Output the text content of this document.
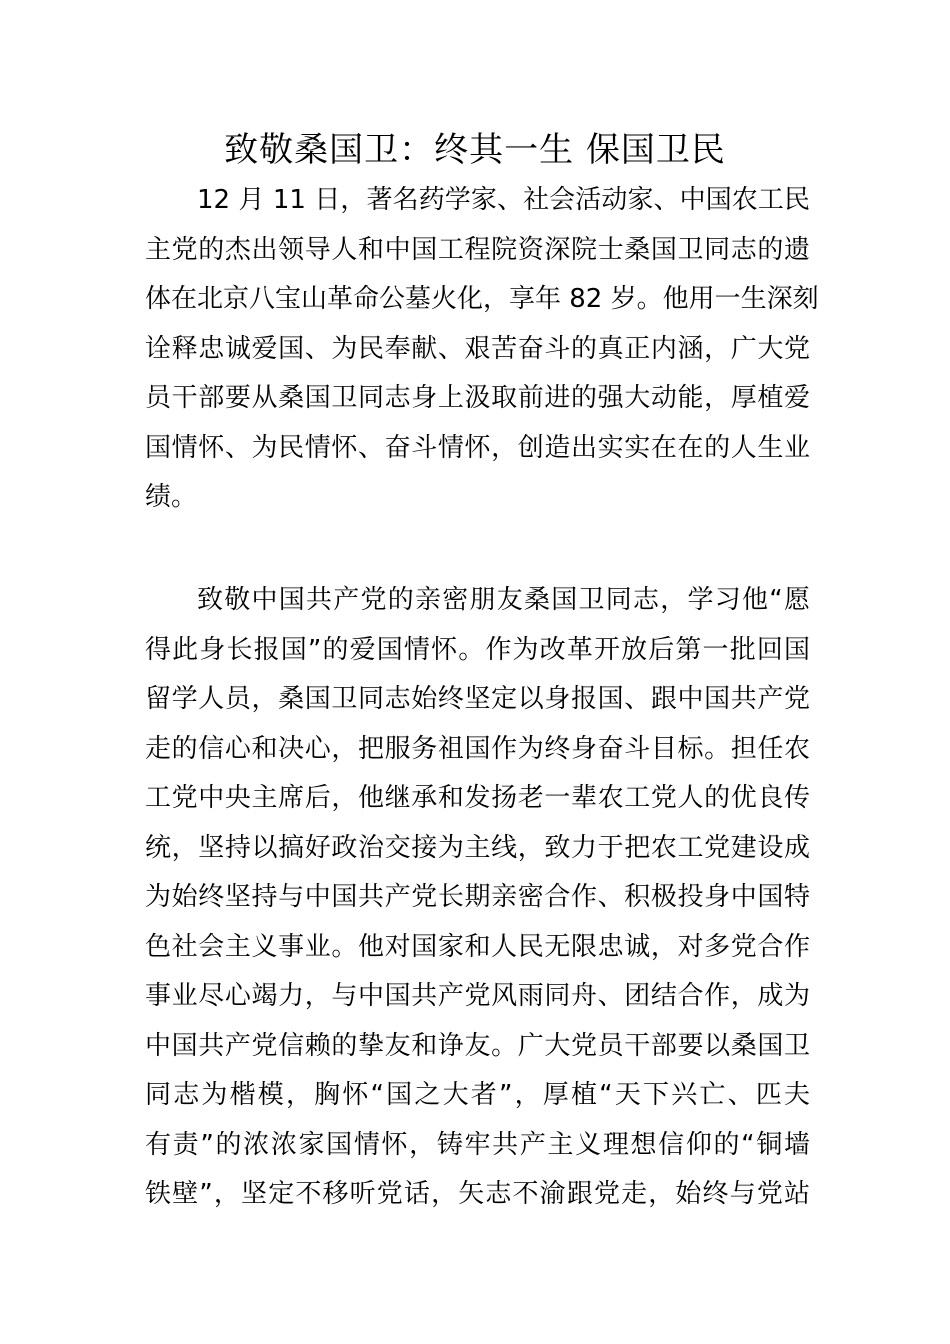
致敬桑国卫：终其一生 保国卫民
12 月 11 日，著名药学家、社会活动家、中国农工民
主党的杰出领导人和中国工程院资深院士桑国卫同志的遗
体在北京八宝山革命公墓火化，享年 82 岁。他用一生深刻
诠释忠诚爱国、为民奉献、艰苦奋斗的真正内涵，广大党
员干部要从桑国卫同志身上汲取前进的强大动能，厚植爱
国情怀、为民情怀、奋斗情怀，创造出实实在在的人生业
绩。
致敬中国共产党的亲密朋友桑国卫同志，学习他“愿
得此身长报国”的爱国情怀。作为改革开放后第一批回国
留学人员，桑国卫同志始终坚定以身报国、跟中国共产党
走的信心和决心，把服务祖国作为终身奋斗目标。担任农
工党中央主席后，他继承和发扬老一辈农工党人的优良传
统，坚持以搞好政治交接为主线，致力于把农工党建设成
为始终坚持与中国共产党长期亲密合作、积极投身中国特
色社会主义事业。他对国家和人民无限忠诚，对多党合作
事业尽心竭力，与中国共产党风雨同舟、团结合作，成为
中国共产党信赖的挚友和诤友。广大党员干部要以桑国卫
同志为楷模，胸怀“国之大者”，厚植“天下兴亡、匹夫
有责”的浓浓家国情怀，铸牢共产主义理想信仰的“铜墙
铁壁”，坚定不移听党话，矢志不渝跟党走，始终与党站
